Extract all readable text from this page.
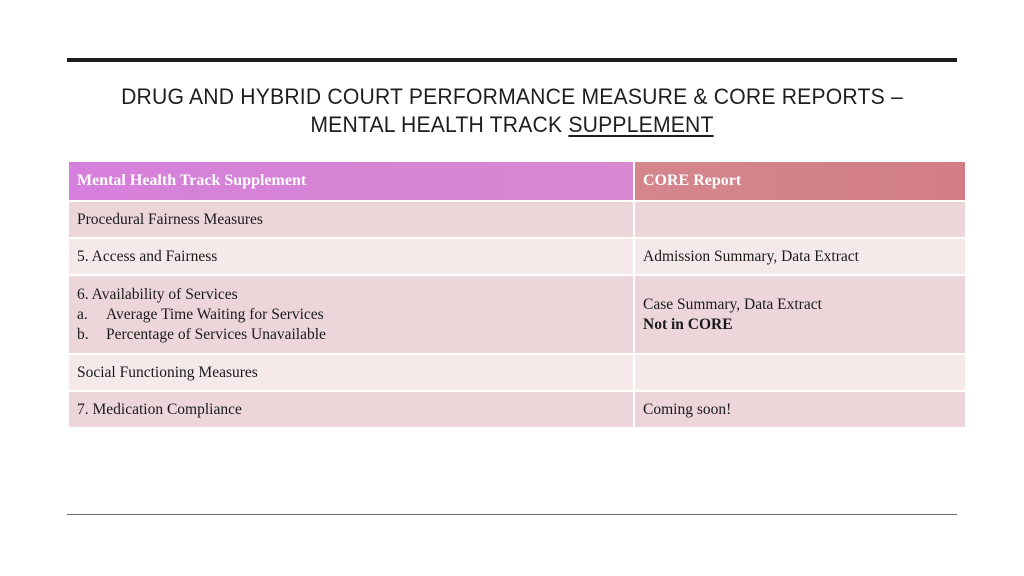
DRUG AND HYBRID COURT PERFORMANCE MEASURE & CORE REPORTS –
MENTAL HEALTH TRACK SUPPLEMENT
Mental Health Track Supplement	CORE Report
Procedural Fairness Measures	
5. Access and Fairness	Admission Summary, Data Extract

6. Availability of Services
a. Average Time Waiting for Services
b. Percentage of Services Unavailable	Case Summary, Data Extract
Not in CORE

Social Functioning Measures	
7. Medication Compliance	Coming soon!
